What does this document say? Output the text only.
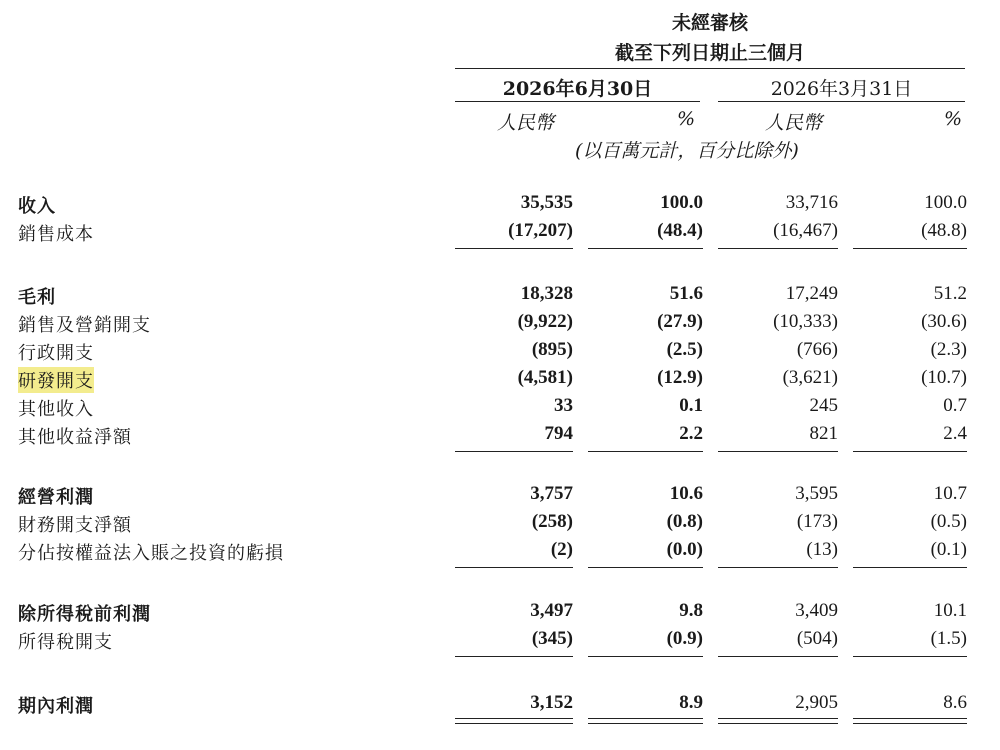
未經審核
截至下列日期止三個月
2026年6月30日	2026年3月31日
人民幣	%	人民幣	%
(以百萬元計，百分比除外)
收入	35,535	100.0	33,716	100.0
銷售成本	(17,207)	(48.4)	(16,467)	(48.8)
毛利	18,328	51.6	17,249	51.2
銷售及營銷開支	(9,922)	(27.9)	(10,333)	(30.6)
行政開支	(895)	(2.5)	(766)	(2.3)
研發開支	(4,581)	(12.9)	(3,621)	(10.7)
其他收入	33	0.1	245	0.7
其他收益淨額	794	2.2	821	2.4
經營利潤	3,757	10.6	3,595	10.7
財務開支淨額	(258)	(0.8)	(173)	(0.5)
分佔按權益法入賬之投資的虧損	(2)	(0.0)	(13)	(0.1)
除所得稅前利潤	3,497	9.8	3,409	10.1
所得稅開支	(345)	(0.9)	(504)	(1.5)
期內利潤	3,152	8.9	2,905	8.6
